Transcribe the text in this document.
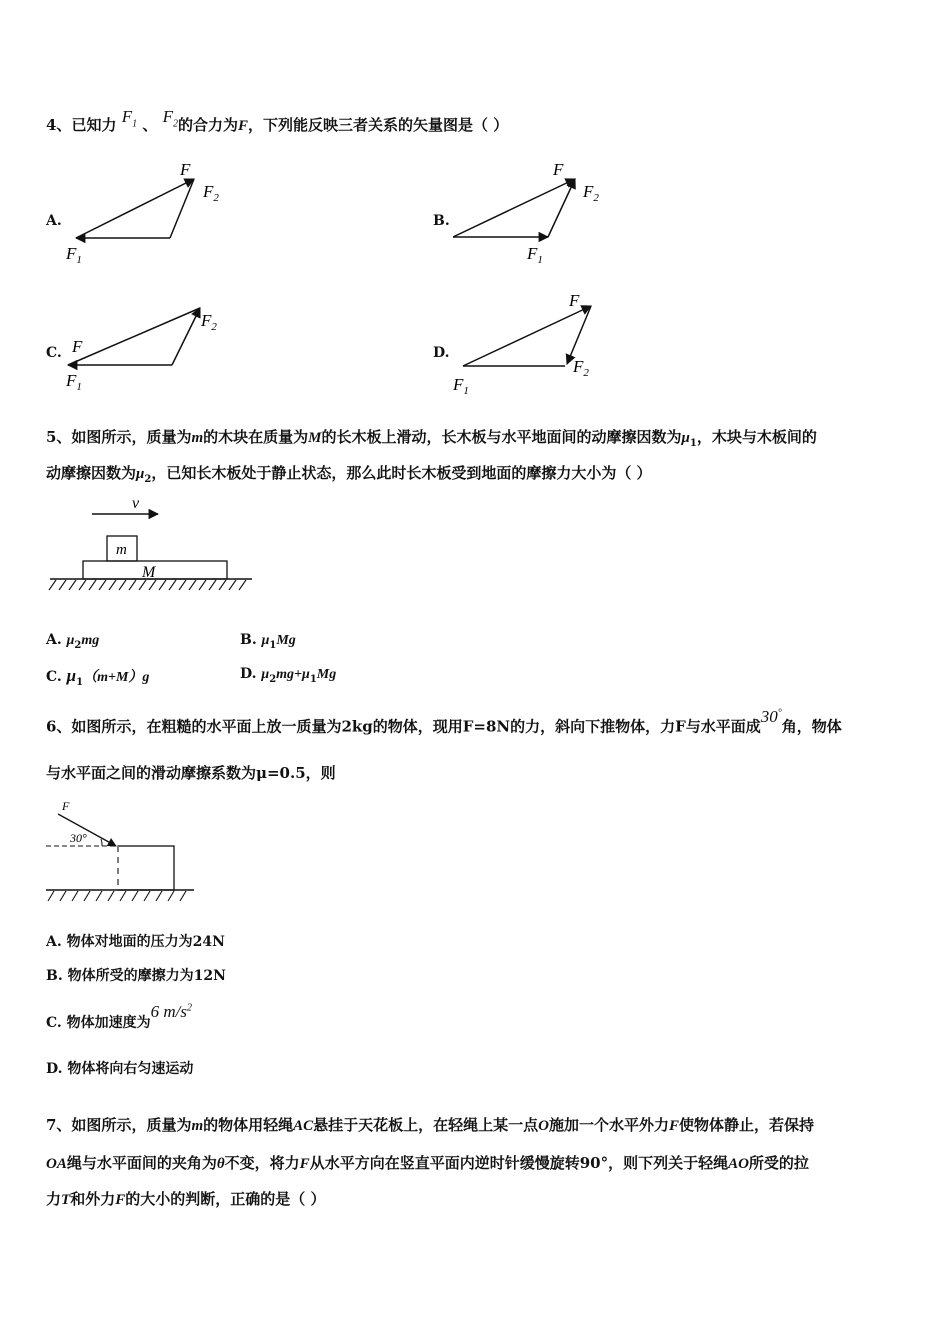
4、已知力 $F_1$ 、 $F_2$的合力为F，下列能反映三者关系的矢量图是（ ）
A.
F
$F_2$
$F_1$
B.
F
$F_2$
$F_1$
C. F
$F_2$
$F_1$
D.
F
$F_2$
$F_1$
5、如图所示，质量为m的木块在质量为M的长木板上滑动，长木板与水平地面间的动摩擦因数为$\mu_1$，木块与木板间的
动摩擦因数为$\mu_2$，已知长木板处于静止状态，那么此时长木板受到地面的摩擦力大小为（ ）
v
m
M
A. $\mu_2mg$	B. $\mu_1Mg$
C. $\mu_1(m+M)g$	D. $\mu_2mg+\mu_1Mg$
6、如图所示，在粗糙的水平面上放一质量为2kg的物体，现用F=8N的力，斜向下推物体，力F与水平面成30°角，物体
与水平面之间的滑动摩擦系数为μ=0.5，则
F
30°
A. 物体对地面的压力为24N
B. 物体所受的摩擦力为12N
C. 物体加速度为6 $m/s^2$
D. 物体将向右匀速运动
7、如图所示，质量为m的物体用轻绳AC悬挂于天花板上，在轻绳上某一点O施加一个水平外力F使物体静止，若保持
OA绳与水平面间的夹角为θ不变，将力F从水平方向在竖直平面内逆时针缓慢旋转90°，则下列关于轻绳AO所受的拉
力T和外力F的大小的判断，正确的是（ ）
